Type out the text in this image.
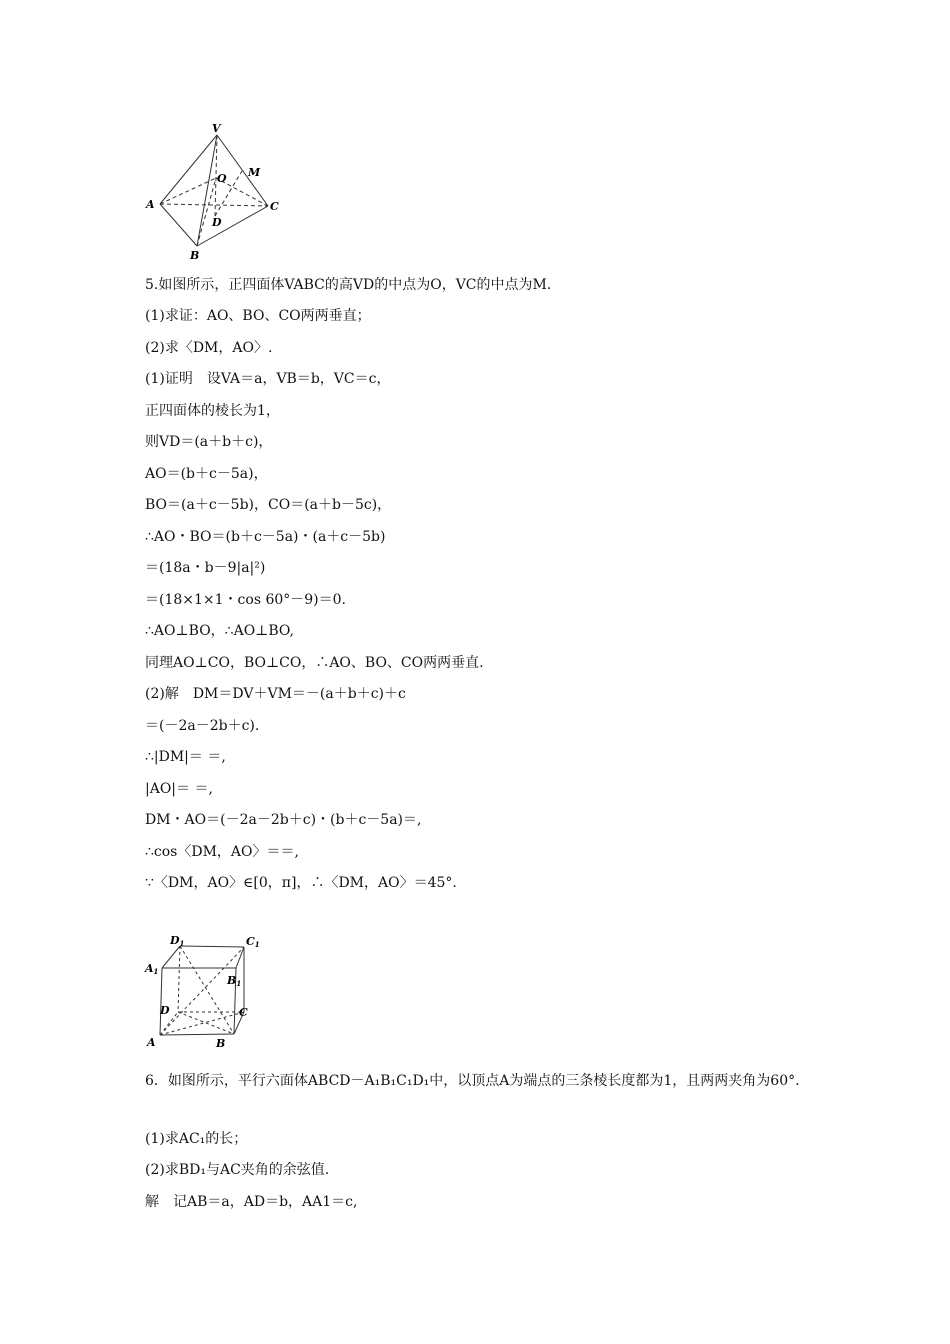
V
M
O
A	C
D
B
5.如图所示，正四面体VABC的高VD的中点为O，VC的中点为M.
(1)求证：AO、BO、CO两两垂直；
(2)求〈DM，AO〉.
(1)证明　设VA＝a，VB＝b，VC＝c，
正四面体的棱长为1，
则VD＝(a＋b＋c)，
AO＝(b＋c－5a)，
BO＝(a＋c－5b)，CO＝(a＋b－5c)，
∴AO・BO＝(b＋c－5a)・(a＋c－5b)
＝(18a・b－9|a|²)
＝(18×1×1・cos 60°－9)＝0.
∴AO⊥BO，∴AO⊥BO,
同理AO⊥CO，BO⊥CO，∴AO、BO、CO两两垂直.
(2)解　DM＝DV＋VM＝－(a＋b＋c)＋c
＝(－2a－2b＋c).
∴|DM|＝ ＝,
|AO|＝ ＝,
DM・AO＝(－2a－2b＋c)・(b＋c－5a)＝,
∴cos〈DM，AO〉＝＝,
∵〈DM，AO〉∈[0，π]，∴〈DM，AO〉＝45°.
D1	C1
A1
B1
D	C
A	B
6．如图所示，平行六面体ABCD－A₁B₁C₁D₁中，以顶点A为端点的三条棱长度都为1，且两两夹角为60°.
(1)求AC₁的长；
(2)求BD₁与AC夹角的余弦值.
解　记AB＝a，AD＝b，AA1＝c,
